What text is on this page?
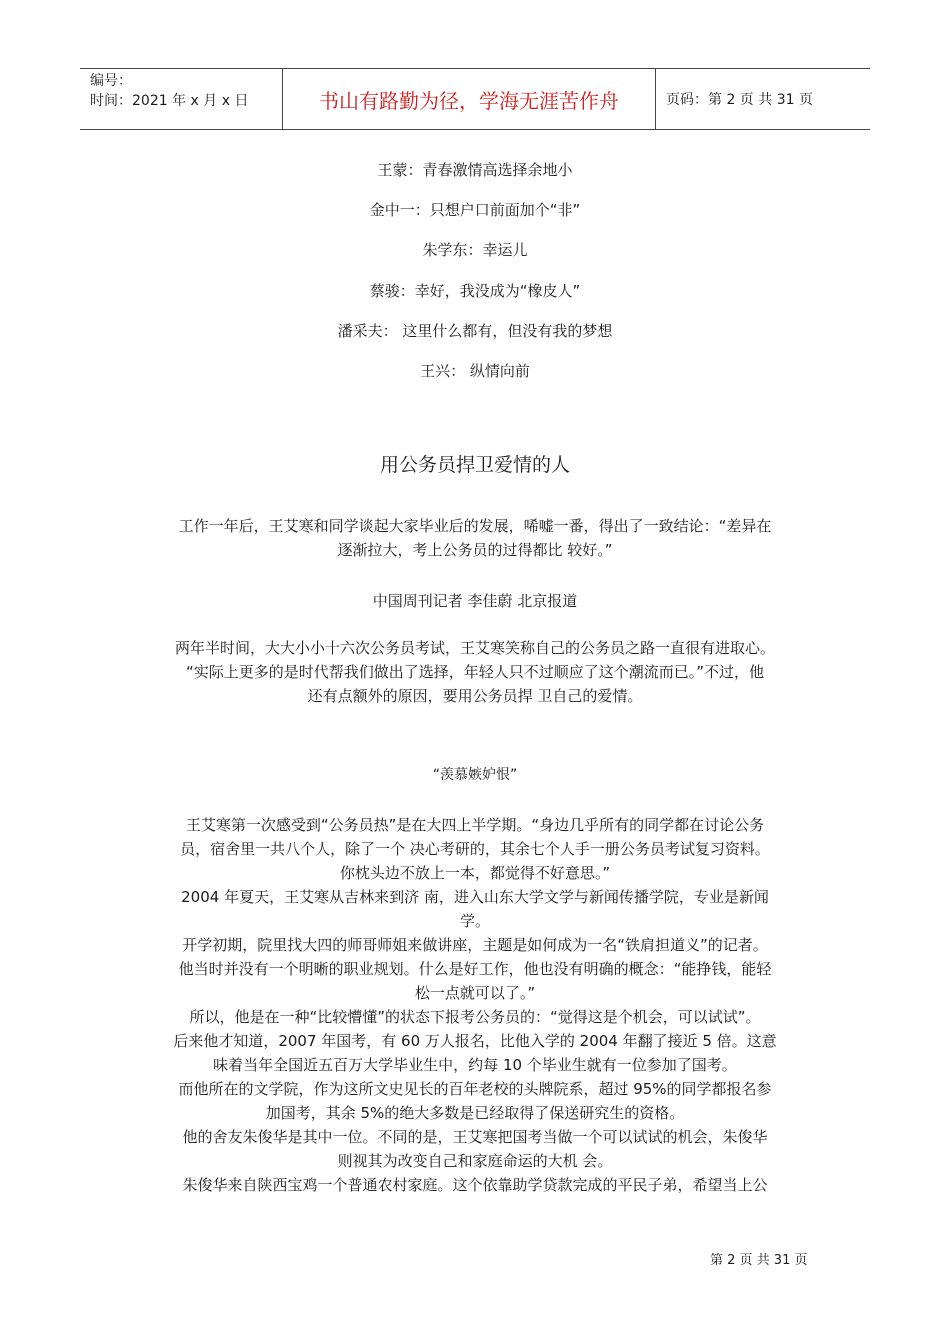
编号：
时间：2021 年 x 月 x 日	书山有路勤为径，学海无涯苦作舟	页码：第 2 页 共 31 页
王蒙：青春激情高选择余地小
金中一：只想户口前面加个“非”
朱学东：幸运儿
蔡骏：幸好，我没成为“橡皮人”
潘采夫： 这里什么都有，但没有我的梦想
王兴： 纵情向前
用公务员捍卫爱情的人
工作一年后，王艾寒和同学谈起大家毕业后的发展，唏嘘一番，得出了一致结论：“差异在
逐渐拉大，考上公务员的过得都比 较好。”
中国周刊记者 李佳蔚 北京报道
两年半时间，大大小小十六次公务员考试，王艾寒笑称自己的公务员之路一直很有进取心。
“实际上更多的是时代帮我们做出了选择，年轻人只不过顺应了这个潮流而已。”不过，他
还有点额外的原因，要用公务员捍 卫自己的爱情。
“羡慕嫉妒恨”
王艾寒第一次感受到“公务员热”是在大四上半学期。“身边几乎所有的同学都在讨论公务
员，宿舍里一共八个人，除了一个 决心考研的，其余七个人手一册公务员考试复习资料。
你枕头边不放上一本，都觉得不好意思。”
2004 年夏天，王艾寒从吉林来到济 南，进入山东大学文学与新闻传播学院，专业是新闻
学。
开学初期，院里找大四的师哥师姐来做讲座，主题是如何成为一名“铁肩担道义”的记者。
他当时并没有一个明晰的职业规划。什么是好工作，他也没有明确的概念：“能挣钱，能轻
松一点就可以了。”
所以，他是在一种“比较懵懂”的状态下报考公务员的：“觉得这是个机会，可以试试”。
后来他才知道，2007 年国考，有 60 万人报名，比他入学的 2004 年翻了接近 5 倍。这意
味着当年全国近五百万大学毕业生中，约每 10 个毕业生就有一位参加了国考。
而他所在的文学院，作为这所文史见长的百年老校的头牌院系，超过 95%的同学都报名参
加国考，其余 5%的绝大多数是已经取得了保送研究生的资格。
他的舍友朱俊华是其中一位。不同的是，王艾寒把国考当做一个可以试试的机会，朱俊华
则视其为改变自己和家庭命运的大机 会。
朱俊华来自陕西宝鸡一个普通农村家庭。这个依靠助学贷款完成的平民子弟，希望当上公
第 2 页 共 31 页
